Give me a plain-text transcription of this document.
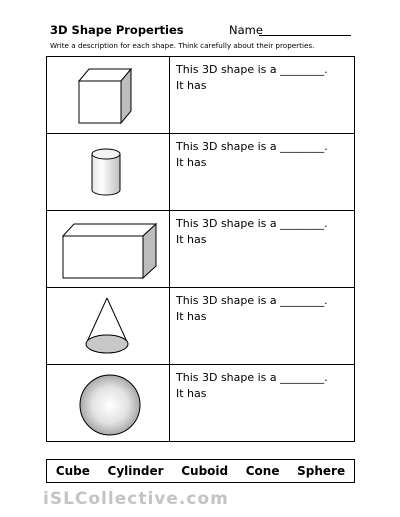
3D Shape Properties	Name
Write a description for each shape. Think carefully about their properties.

This 3D shape is a ________.
It has

This 3D shape is a ________.
It has

This 3D shape is a ________.
It has

This 3D shape is a ________.
It has

This 3D shape is a ________.
It has
Cube Cylinder Cuboid Cone Sphere
iSLCollective.com
